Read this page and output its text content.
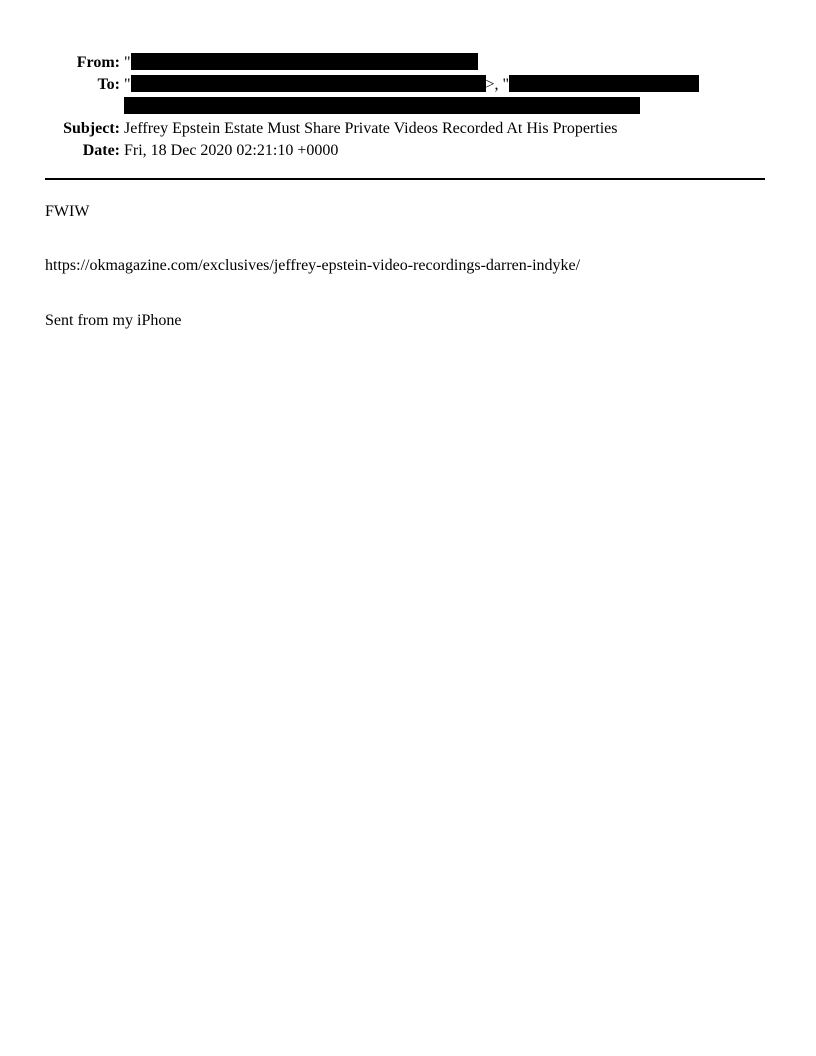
From: "
To: "	>, "
Subject: Jeffrey Epstein Estate Must Share Private Videos Recorded At His Properties
Date: Fri, 18 Dec 2020 02:21:10 +0000
FWIW
https://okmagazine.com/exclusives/jeffrey-epstein-video-recordings-darren-indyke/
Sent from my iPhone
